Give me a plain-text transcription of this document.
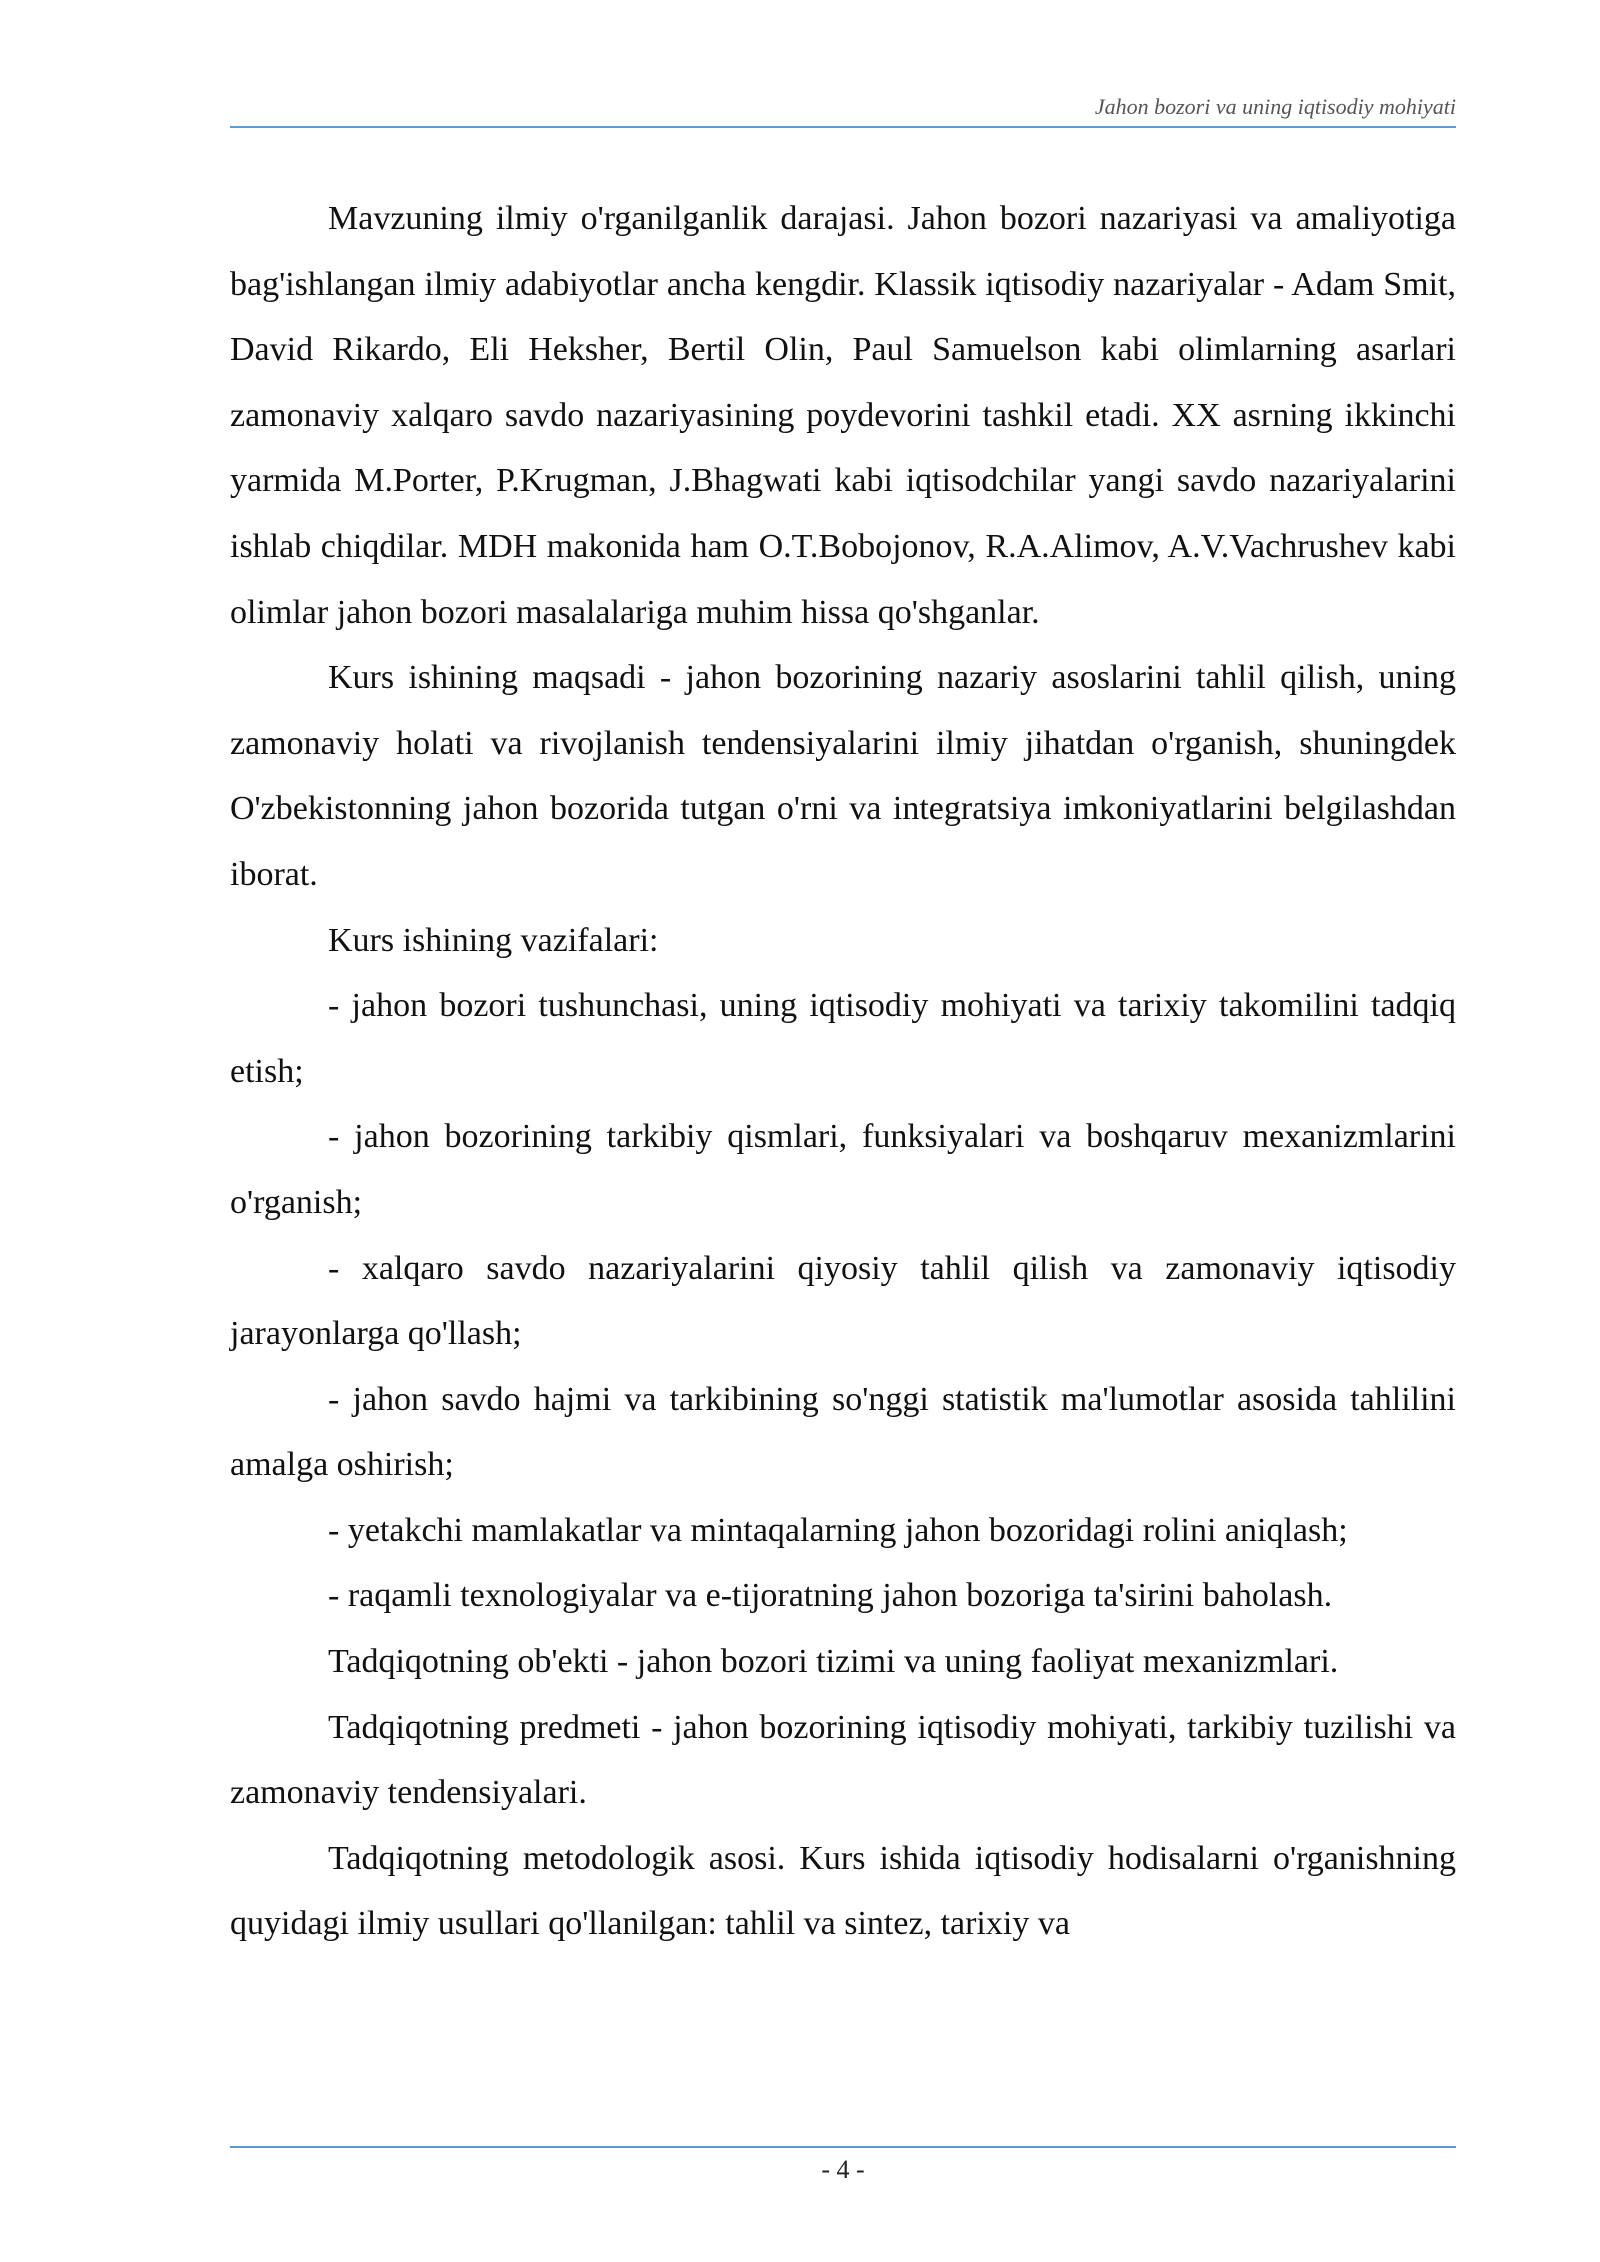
Jahon bozori va uning iqtisodiy mohiyati

Mavzuning ilmiy o'rganilganlik darajasi. Jahon bozori nazariyasi va amaliyotiga bag'ishlangan ilmiy adabiyotlar ancha kengdir. Klassik iqtisodiy nazariyalar - Adam Smit, David Rikardo, Eli Heksher, Bertil Olin, Paul Samuelson kabi olimlarning asarlari zamonaviy xalqaro savdo nazariyasining poydevorini tashkil etadi. XX asrning ikkinchi yarmida M.Porter, P.Krugman, J.Bhagwati kabi iqtisodchilar yangi savdo nazariyalarini ishlab chiqdilar. MDH makonida ham O.T.Bobojonov, R.A.Alimov, A.V.Vachrushev kabi olimlar jahon bozori masalalariga muhim hissa qo'shganlar.

Kurs ishining maqsadi - jahon bozorining nazariy asoslarini tahlil qilish, uning zamonaviy holati va rivojlanish tendensiyalarini ilmiy jihatdan o'rganish, shuningdek O'zbekistonning jahon bozorida tutgan o'rni va integratsiya imkoniyatlarini belgilashdan iborat.

Kurs ishining vazifalari:

- jahon bozori tushunchasi, uning iqtisodiy mohiyati va tarixiy takomilini tadqiq etish;

- jahon bozorining tarkibiy qismlari, funksiyalari va boshqaruv mexanizmlarini o'rganish;

- xalqaro savdo nazariyalarini qiyosiy tahlil qilish va zamonaviy iqtisodiy jarayonlarga qo'llash;

- jahon savdo hajmi va tarkibining so'nggi statistik ma'lumotlar asosida tahlilini amalga oshirish;

- yetakchi mamlakatlar va mintaqalarning jahon bozoridagi rolini aniqlash;

- raqamli texnologiyalar va e-tijoratning jahon bozoriga ta'sirini baholash.

Tadqiqotning ob'ekti - jahon bozori tizimi va uning faoliyat mexanizmlari.

Tadqiqotning predmeti - jahon bozorining iqtisodiy mohiyati, tarkibiy tuzilishi va zamonaviy tendensiyalari.

Tadqiqotning metodologik asosi. Kurs ishida iqtisodiy hodisalarni o'rganishning quyidagi ilmiy usullari qo'llanilgan: tahlil va sintez, tarixiy va

- 4 -
